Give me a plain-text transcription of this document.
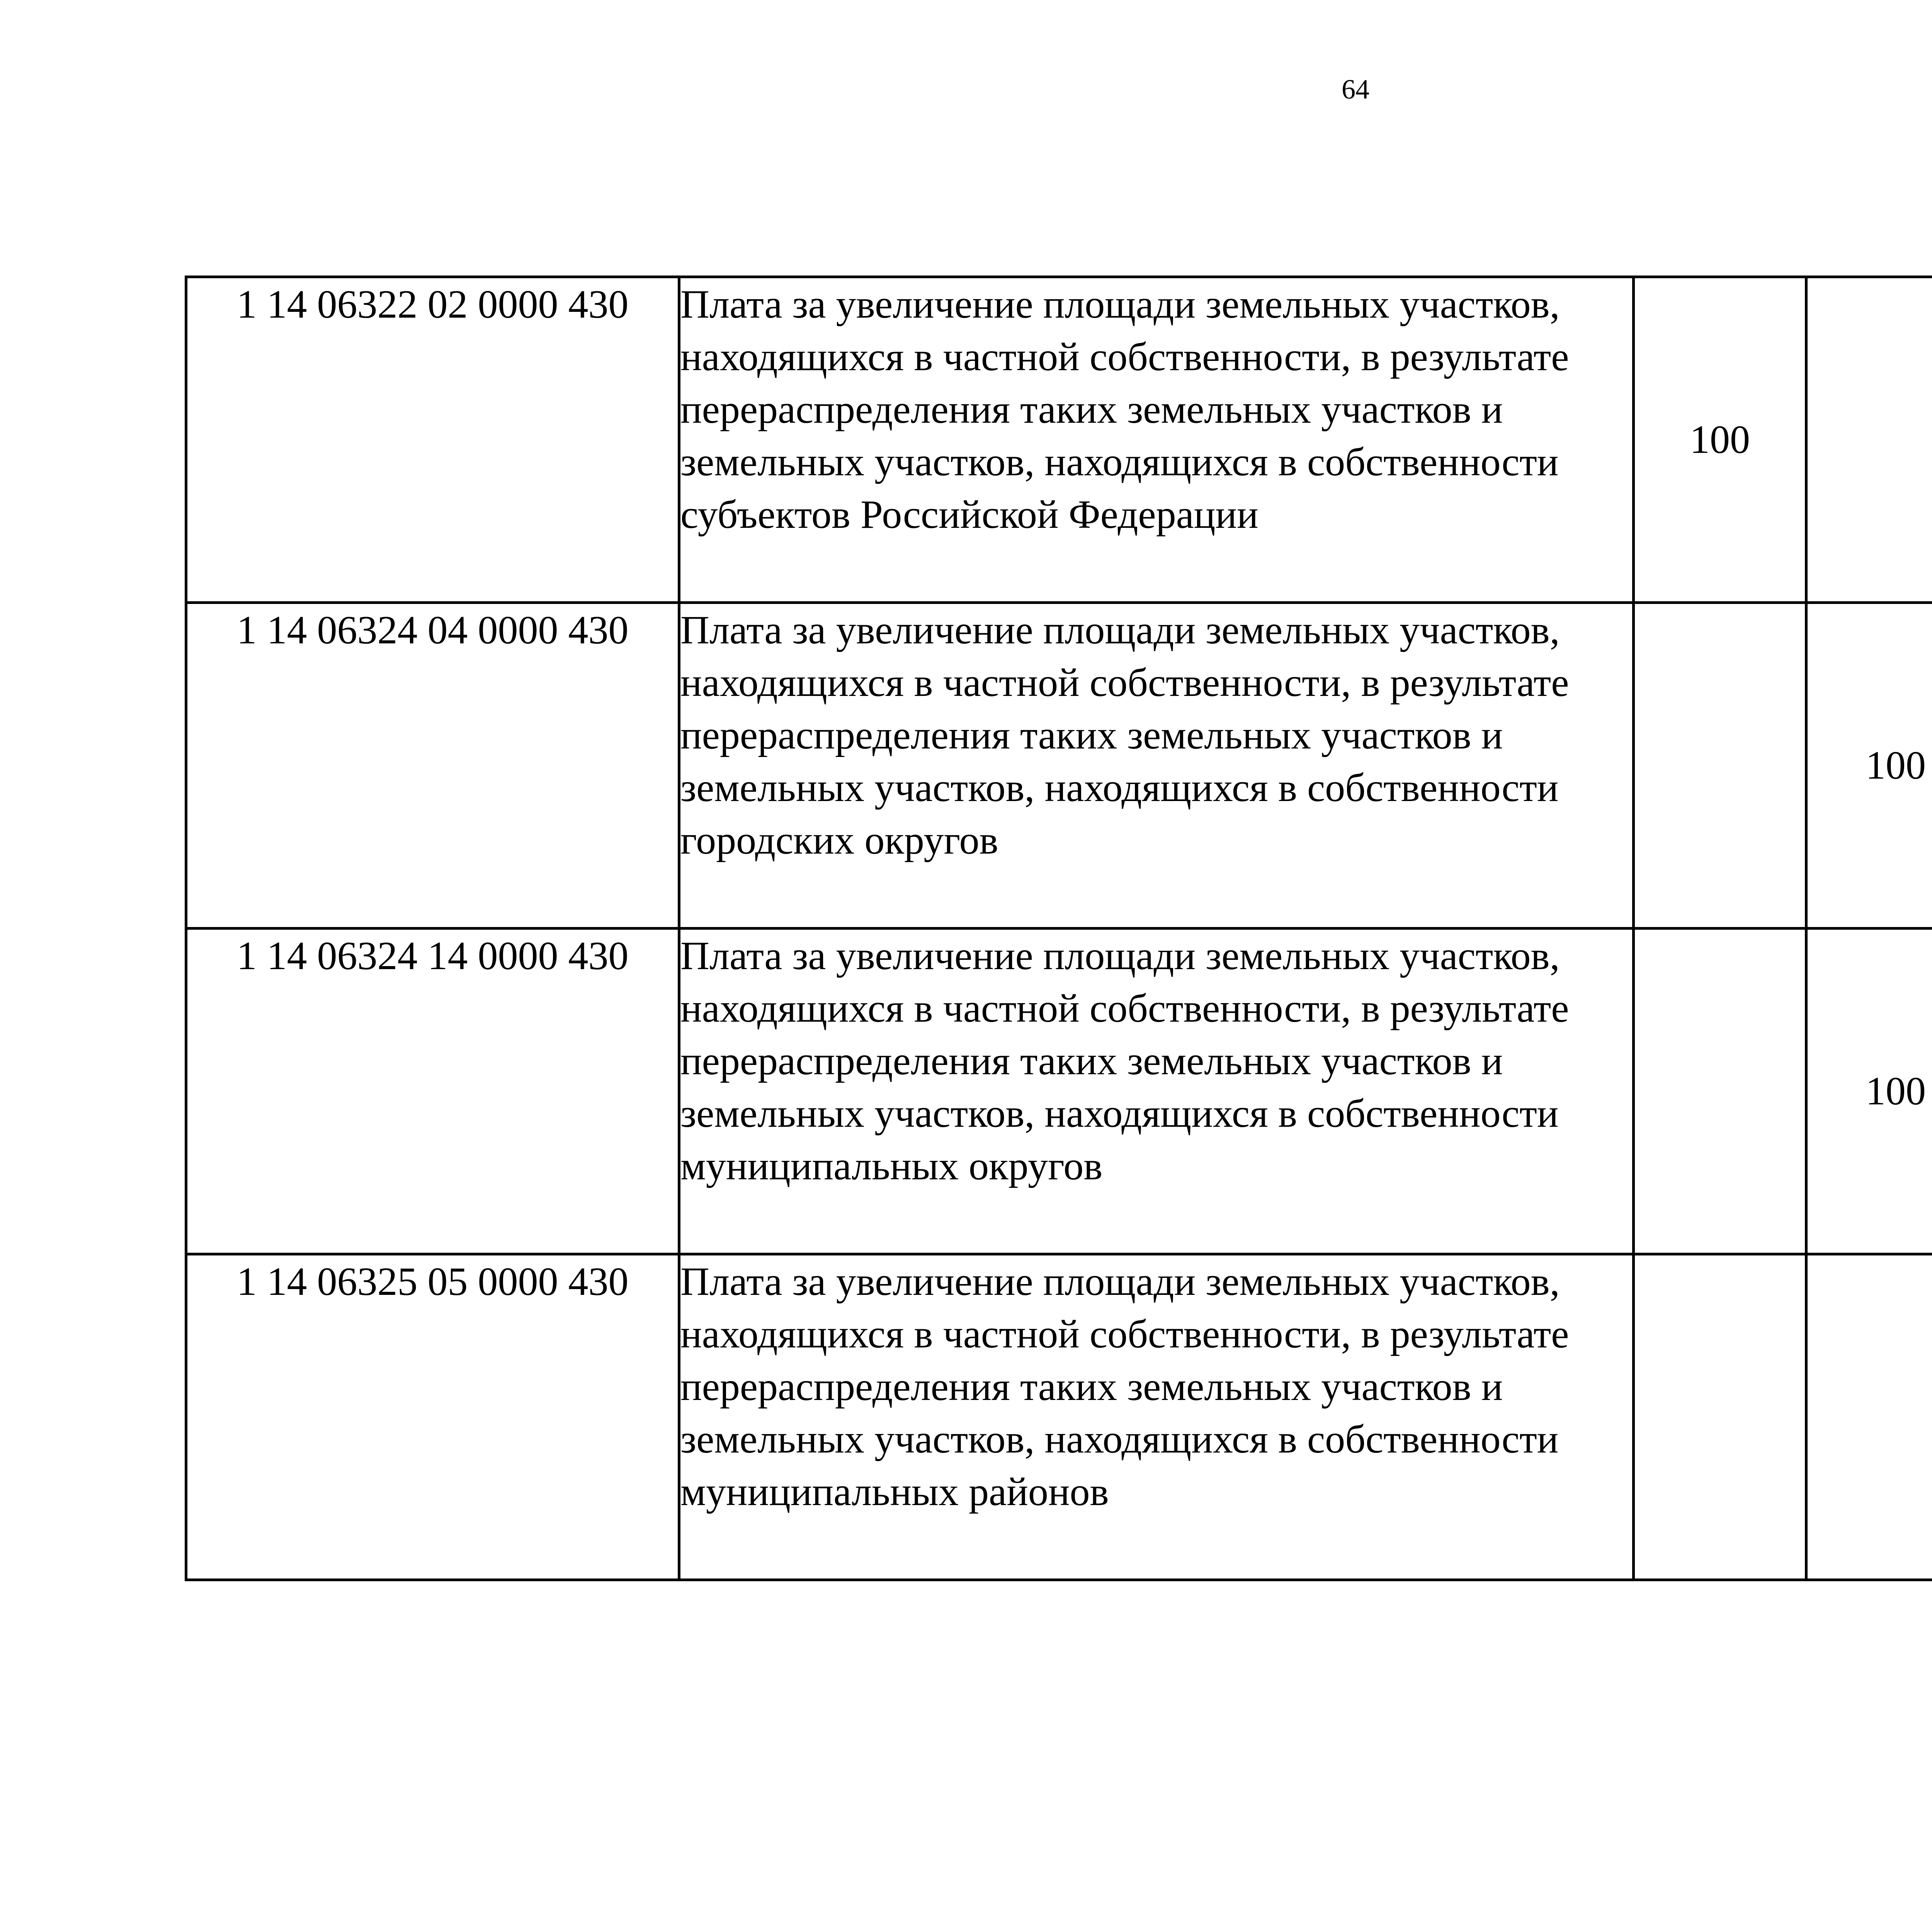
64
1 14 06322 02 0000 430	Плата за увеличение площади земельных участков, находящихся в частной собственности, в результате перераспределения таких земельных участков и земельных участков, находящихся в собственности субъектов Российской Федерации	100				
1 14 06324 04 0000 430	Плата за увеличение площади земельных участков, находящихся в частной собственности, в результате перераспределения таких земельных участков и земельных участков, находящихся в собственности городских округов		100			
1 14 06324 14 0000 430	Плата за увеличение площади земельных участков, находящихся в частной собственности, в результате перераспределения таких земельных участков и земельных участков, находящихся в собственности муниципальных округов		100			
1 14 06325 05 0000 430	Плата за увеличение площади земельных участков, находящихся в частной собственности, в результате перераспределения таких земельных участков и земельных участков, находящихся в собственности муниципальных районов					
